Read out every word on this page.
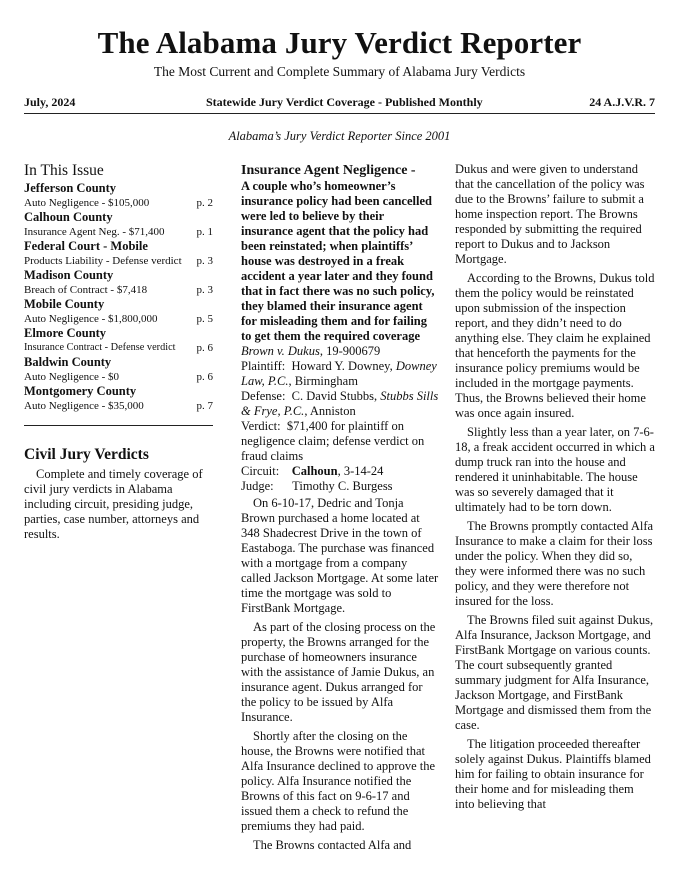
The Alabama Jury Verdict Reporter
The Most Current and Complete Summary of Alabama Jury Verdicts
July, 2024	Statewide Jury Verdict Coverage - Published Monthly	24 A.J.V.R. 7
Alabama’s Jury Verdict Reporter Since 2001
In This Issue
Jefferson County
Auto Negligence - $105,000	p. 2
Calhoun County
Insurance Agent Neg. - $71,400	p. 1
Federal Court - Mobile
Products Liability - Defense verdict p. 3
Madison County
Breach of Contract - $7,418	p. 3
Mobile County
Auto Negligence - $1,800,000	p. 5
Elmore County
Insurance Contract - Defense verdict p. 6
Baldwin County
Auto Negligence - $0	p. 6
Montgomery County
Auto Negligence - $35,000	p. 7
Civil Jury Verdicts
Complete and timely coverage of civil jury verdicts in Alabama including circuit, presiding judge, parties, case number, attorneys and results.
Insurance Agent Negligence -
A couple who’s homeowner’s insurance policy had been cancelled were led to believe by their insurance agent that the policy had been reinstated; when plaintiffs’ house was destroyed in a freak accident a year later and they found that in fact there was no such policy, they blamed their insurance agent for misleading them and for failing to get them the required coverage
Brown v. Dukus, 19-900679
Plaintiff: Howard Y. Downey, Downey Law, P.C., Birmingham
Defense: C. David Stubbs, Stubbs Sills & Frye, P.C., Anniston
Verdict: $71,400 for plaintiff on negligence claim; defense verdict on fraud claims
Circuit: Calhoun, 3-14-24
Judge: Timothy C. Burgess
On 6-10-17, Dedric and Tonja Brown purchased a home located at 348 Shadecrest Drive in the town of Eastaboga. The purchase was financed with a mortgage from a company called Jackson Mortgage. At some later time the mortgage was sold to FirstBank Mortgage.
As part of the closing process on the property, the Browns arranged for the purchase of homeowners insurance with the assistance of Jamie Dukus, an insurance agent. Dukus arranged for the policy to be issued by Alfa Insurance.
Shortly after the closing on the house, the Browns were notified that Alfa Insurance declined to approve the policy. Alfa Insurance notified the Browns of this fact on 9-6-17 and issued them a check to refund the premiums they had paid.
The Browns contacted Alfa and
Dukus and were given to understand that the cancellation of the policy was due to the Browns’ failure to submit a home inspection report. The Browns responded by submitting the required report to Dukus and to Jackson Mortgage.
According to the Browns, Dukus told them the policy would be reinstated upon submission of the inspection report, and they didn’t need to do anything else. They claim he explained that henceforth the payments for the insurance policy premiums would be included in the mortgage payments. Thus, the Browns believed their home was once again insured.
Slightly less than a year later, on 7-6-18, a freak accident occurred in which a dump truck ran into the house and rendered it uninhabitable. The house was so severely damaged that it ultimately had to be torn down.
The Browns promptly contacted Alfa Insurance to make a claim for their loss under the policy. When they did so, they were informed there was no such policy, and they were therefore not insured for the loss.
The Browns filed suit against Dukus, Alfa Insurance, Jackson Mortgage, and FirstBank Mortgage on various counts. The court subsequently granted summary judgment for Alfa Insurance, Jackson Mortgage, and FirstBank Mortgage and dismissed them from the case.
The litigation proceeded thereafter solely against Dukus. Plaintiffs blamed him for failing to obtain insurance for their home and for misleading them into believing that
